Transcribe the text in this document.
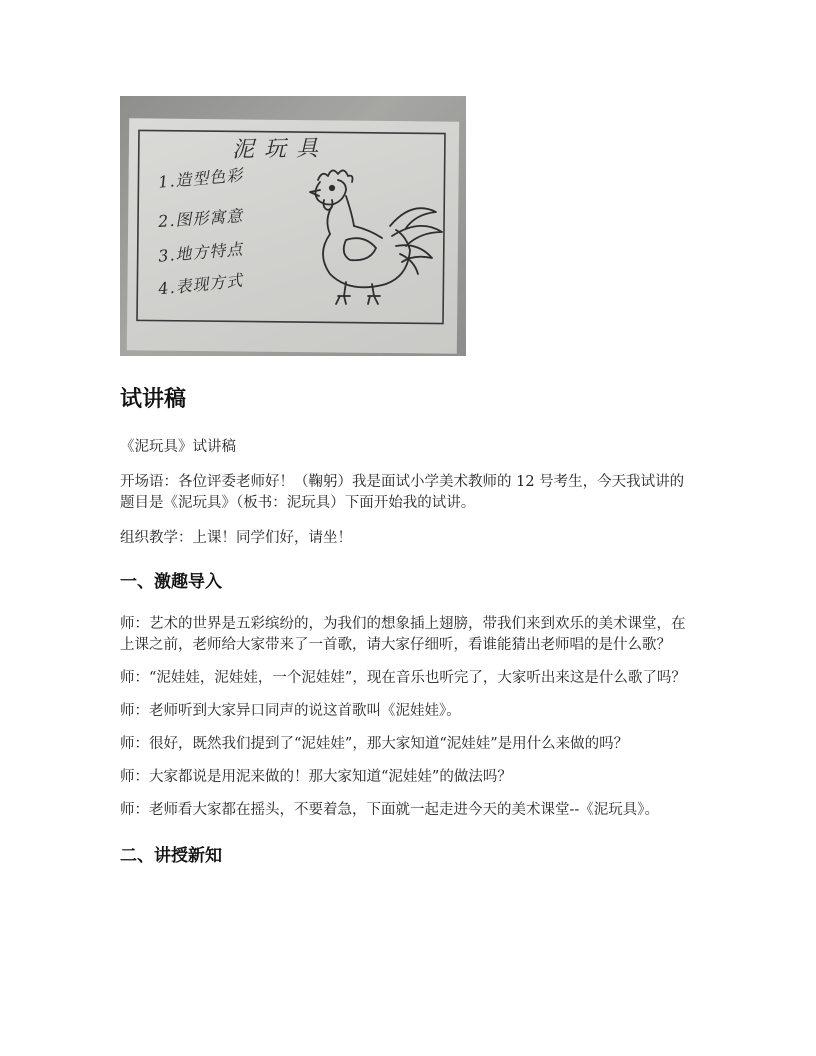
泥玩具
1.造型色彩
2.图形寓意
3.地方特点
4.表现方式
试讲稿

《泥玩具》试讲稿

开场语：各位评委老师好！（鞠躬）我是面试小学美术教师的 12 号考生，今天我试讲的题目是《泥玩具》（板书：泥玩具）下面开始我的试讲。

组织教学：上课！同学们好，请坐！

一、激趣导入

师：艺术的世界是五彩缤纷的，为我们的想象插上翅膀，带我们来到欢乐的美术课堂，在上课之前，老师给大家带来了一首歌，请大家仔细听，看谁能猜出老师唱的是什么歌？

师：“泥娃娃，泥娃娃，一个泥娃娃”，现在音乐也听完了，大家听出来这是什么歌了吗？

师：老师听到大家异口同声的说这首歌叫《泥娃娃》。

师：很好，既然我们提到了“泥娃娃”，那大家知道“泥娃娃”是用什么来做的吗？

师：大家都说是用泥来做的！那大家知道“泥娃娃”的做法吗？

师：老师看大家都在摇头，不要着急，下面就一起走进今天的美术课堂--《泥玩具》。

二、讲授新知
